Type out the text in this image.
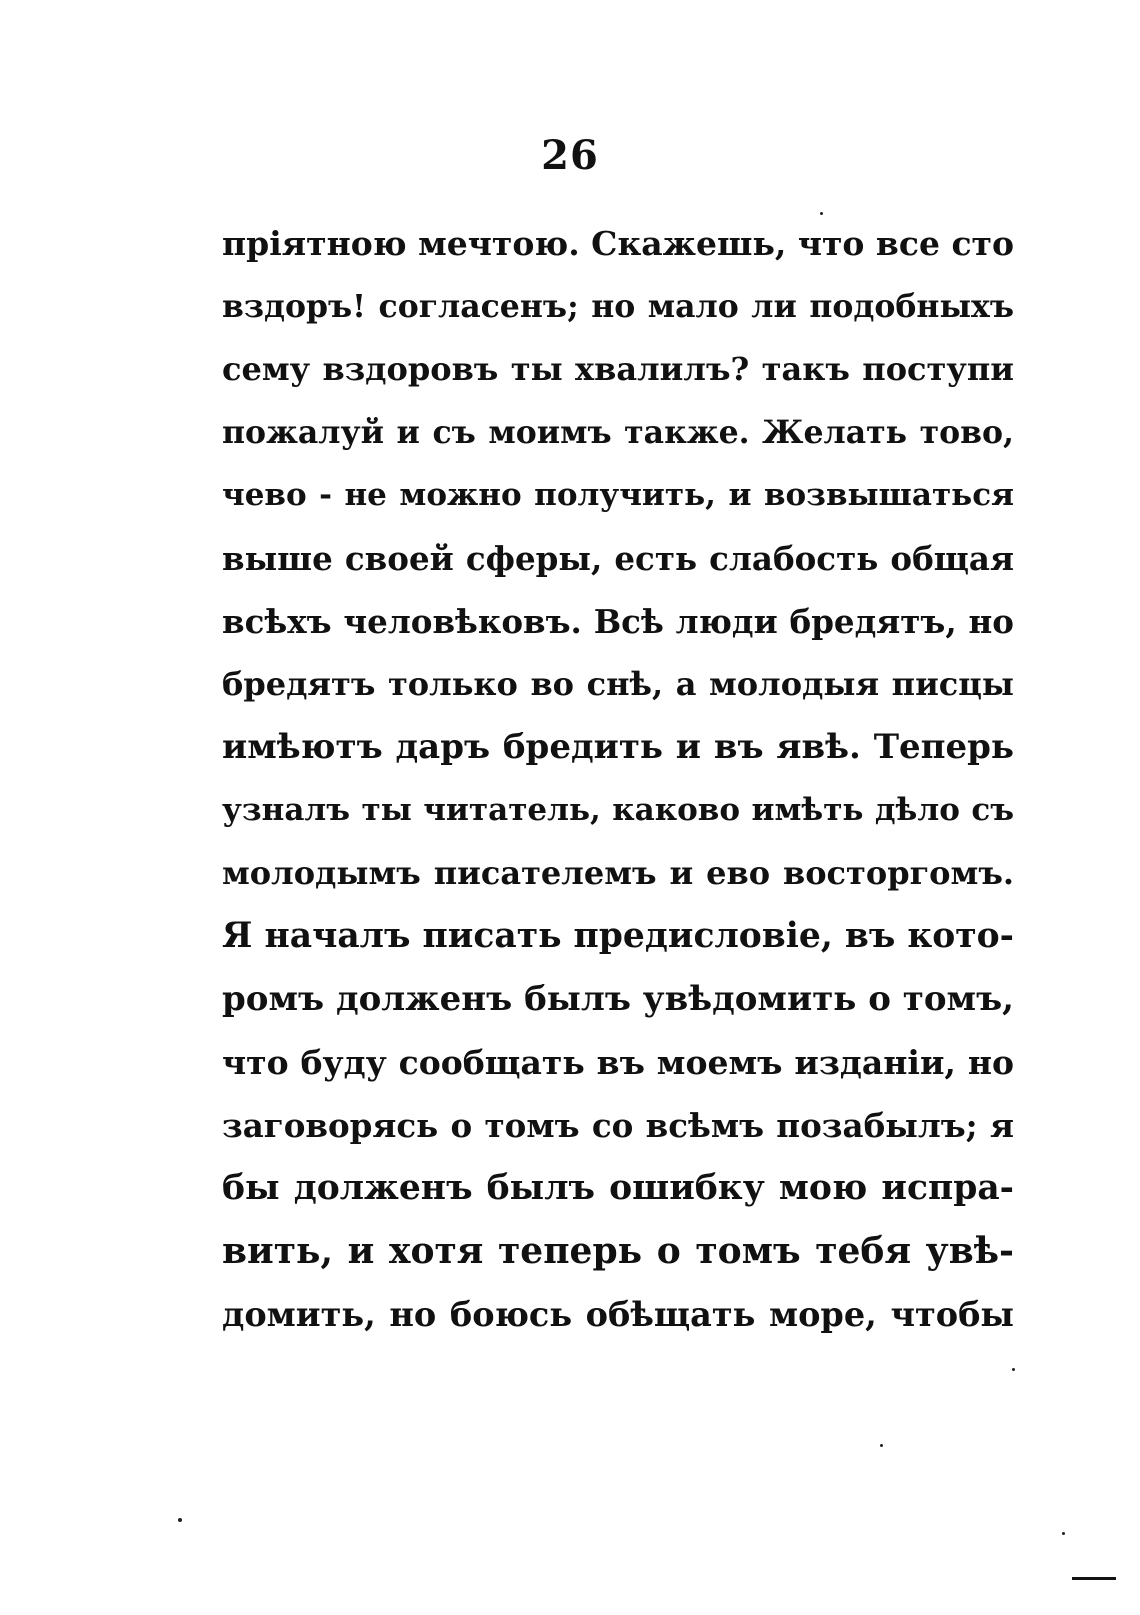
26
пріятною мечтою. Скажешь, что все сто
вздоръ! согласенъ; но мало ли подобныхъ
сему вздоровъ ты хвалилъ? такъ поступи
пожалуй и съ моимъ также. Желать тово,
чево - не можно получить, и возвышаться
выше своей сферы, есть слабость общая
всѣхъ человѣковъ. Всѣ люди бредятъ, но
бредятъ только во снѣ, а молодыя писцы
имѣютъ даръ бредить и въ явѣ. Теперь
узналъ ты читатель, каково имѣть дѣло съ
молодымъ писателемъ и ево восторгомъ.
Я началъ писать предисловіе, въ кото-
ромъ долженъ былъ увѣдомить о томъ,
что буду сообщать въ моемъ изданіи, но
заговорясь о томъ со всѣмъ позабылъ; я
бы долженъ былъ ошибку мою испра-
вить, и хотя теперь о томъ тебя увѣ-
домить, но боюсь обѣщать море, чтобы
